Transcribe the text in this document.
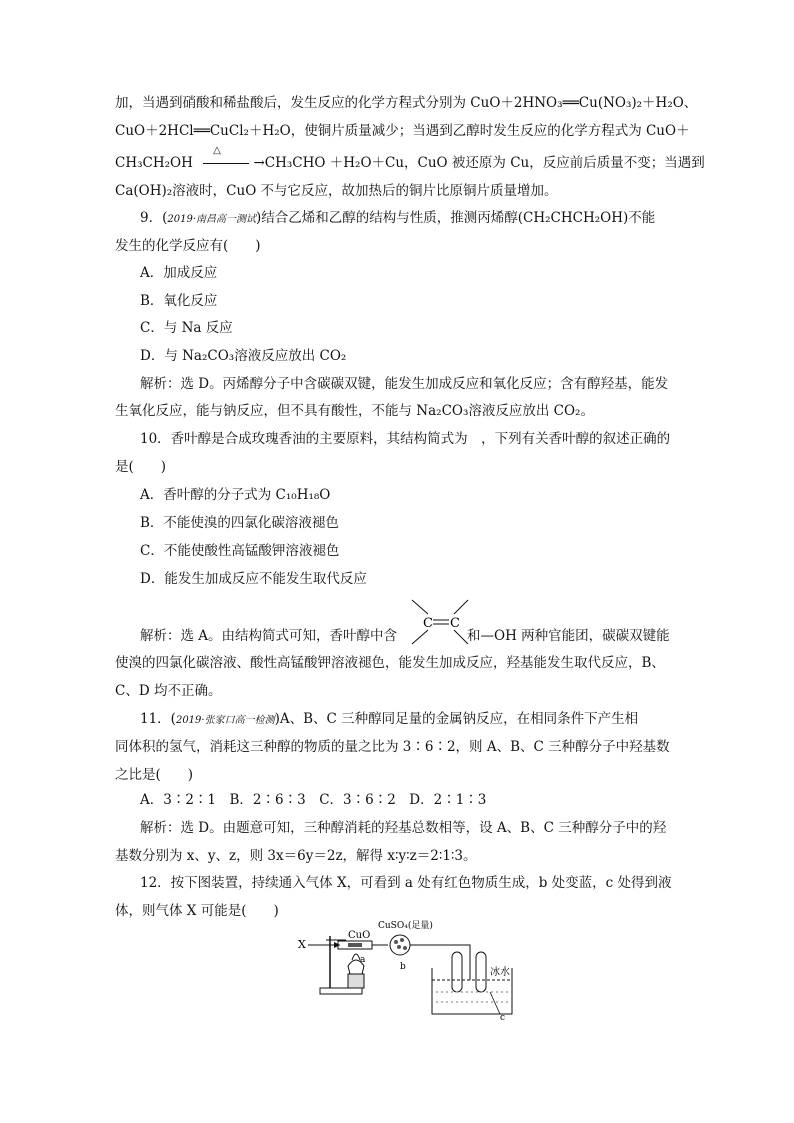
加，当遇到硝酸和稀盐酸后，发生反应的化学方程式分别为 CuO＋2HNO₃══Cu(NO₃)₂＋H₂O、
CuO＋2HCl══CuCl₂＋H₂O，使铜片质量减少；当遇到乙醇时发生反应的化学方程式为 CuO＋
CH₃CH₂OH
△
→CH₃CHO ＋H₂O＋Cu，CuO 被还原为 Cu，反应前后质量不变；当遇到
Ca(OH)₂溶液时，CuO 不与它反应，故加热后的铜片比原铜片质量增加。
9．(2019·南昌高一测试)结合乙烯和乙醇的结构与性质，推测丙烯醇(CH₂CHCH₂OH)不能
发生的化学反应有(　　)
A．加成反应
B．氧化反应
C．与 Na 反应
D．与 Na₂CO₃溶液反应放出 CO₂
解析：选 D。丙烯醇分子中含碳碳双键，能发生加成反应和氧化反应；含有醇羟基，能发
生氧化反应，能与钠反应，但不具有酸性，不能与 Na₂CO₃溶液反应放出 CO₂。
10．香叶醇是合成玫瑰香油的主要原料，其结构简式为　，下列有关香叶醇的叙述正确的
是(　　)
A．香叶醇的分子式为 C₁₀H₁₈O
B．不能使溴的四氯化碳溶液褪色
C．不能使酸性高锰酸钾溶液褪色
D．能发生加成反应不能发生取代反应
C C
解析：选 A。由结构简式可知，香叶醇中含	和—OH 两种官能团，碳碳双键能
使溴的四氯化碳溶液、酸性高锰酸钾溶液褪色，能发生加成反应，羟基能发生取代反应，B、
C、D 均不正确。
11．(2019·张家口高一检测)A、B、C 三种醇同足量的金属钠反应，在相同条件下产生相
同体积的氢气，消耗这三种醇的物质的量之比为 3∶6∶2，则 A、B、C 三种醇分子中羟基数
之比是(　　)
A．3∶2∶1　B．2∶6∶3　C．3∶6∶2　D．2∶1∶3
解析：选 D。由题意可知，三种醇消耗的羟基总数相等，设 A、B、C 三种醇分子中的羟
基数分别为 x、y、z，则 3x＝6y＝2z，解得 x∶y∶z＝2∶1∶3。
12．按下图装置，持续通入气体 X，可看到 a 处有红色物质生成，b 处变蓝，c 处得到液
体，则气体 X 可能是(　　)
X
CuO
a
CuSO₄(足量)
b	冰水
c
